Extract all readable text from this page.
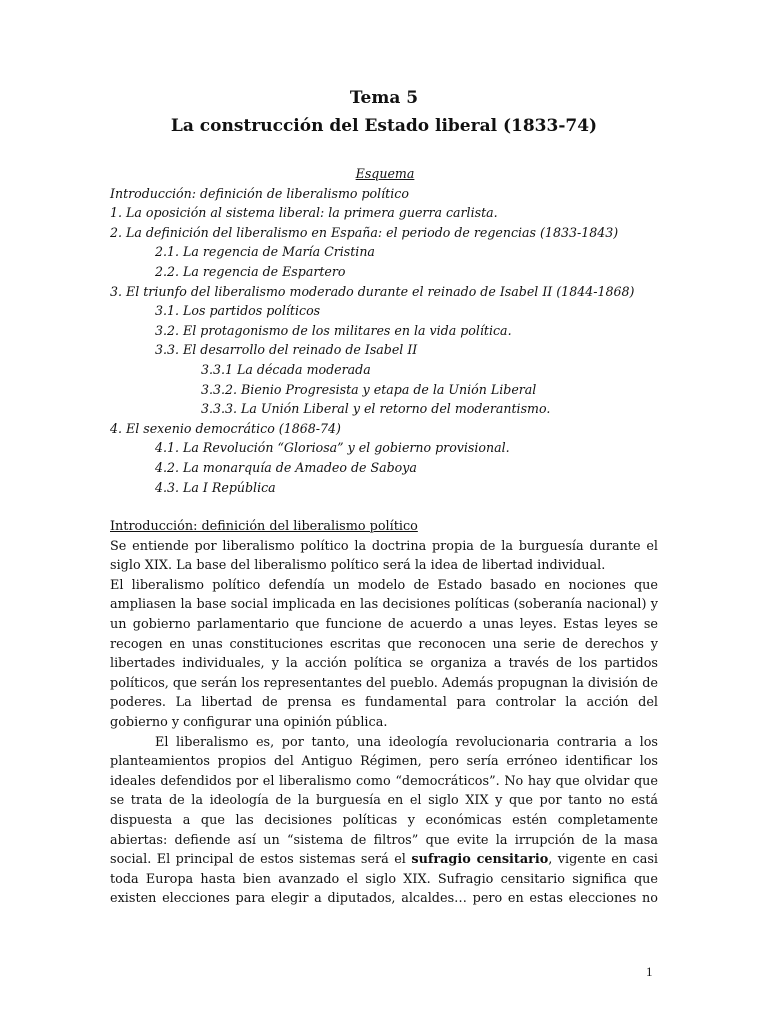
Tema 5
La construcción del Estado liberal (1833-74)
Esquema
Introducción: definición de liberalismo político
1. La oposición al sistema liberal: la primera guerra carlista.
2. La definición del liberalismo en España: el periodo de regencias (1833-1843)
2.1. La regencia de María Cristina
2.2. La regencia de Espartero
3. El triunfo del liberalismo moderado durante el reinado de Isabel II (1844-1868)
3.1. Los partidos políticos
3.2. El protagonismo de los militares en la vida política.
3.3. El desarrollo del reinado de Isabel II
3.3.1 La década moderada
3.3.2. Bienio Progresista y etapa de la Unión Liberal
3.3.3. La Unión Liberal y el retorno del moderantismo.
4. El sexenio democrático (1868-74)
4.1. La Revolución “Gloriosa” y el gobierno provisional.
4.2. La monarquía de Amadeo de Saboya
4.3. La I República

Introducción: definición del liberalismo político

Se entiende por liberalismo político la doctrina propia de la burguesía durante el siglo XIX. La base del liberalismo político será la idea de libertad individual.

El liberalismo político defendía un modelo de Estado basado en nociones que ampliasen la base social implicada en las decisiones políticas (soberanía nacional) y un gobierno parlamentario que funcione de acuerdo a unas leyes. Estas leyes se recogen en unas constituciones escritas que reconocen una serie de derechos y libertades individuales, y la acción política se organiza a través de los partidos políticos, que serán los representantes del pueblo. Además propugnan la división de poderes. La libertad de prensa es fundamental para controlar la acción del gobierno y configurar una opinión pública.

El liberalismo es, por tanto, una ideología revolucionaria contraria a los planteamientos propios del Antiguo Régimen, pero sería erróneo identificar los ideales defendidos por el liberalismo como “democráticos”. No hay que olvidar que se trata de la ideología de la burguesía en el siglo XIX y que por tanto no está dispuesta a que las decisiones políticas y económicas estén completamente abiertas: defiende así un “sistema de filtros” que evite la irrupción de la masa social. El principal de estos sistemas será el sufragio censitario, vigente en casi toda Europa hasta bien avanzado el siglo XIX. Sufragio censitario significa que existen elecciones para elegir a diputados, alcaldes… pero en estas elecciones no

1
